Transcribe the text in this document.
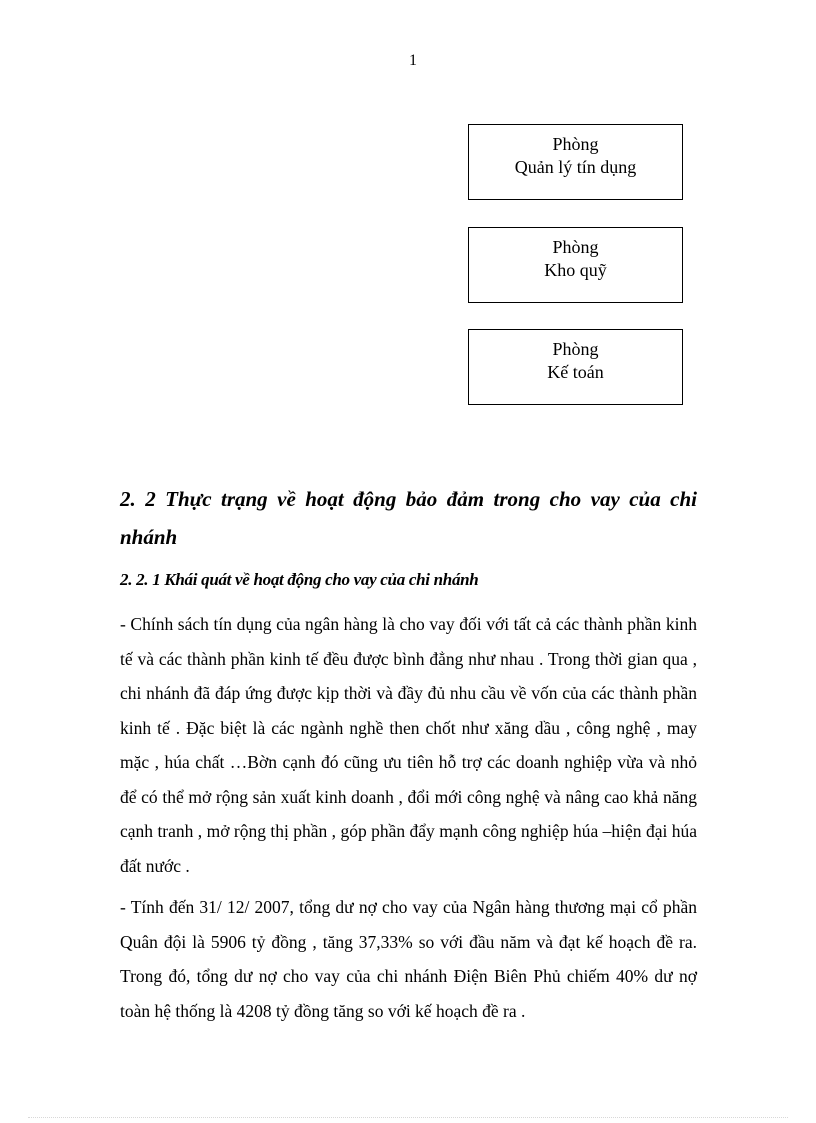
1
Phòng
Quản lý tín dụng
Phòng
Kho quỹ
Phòng
Kế toán
2. 2 Thực trạng về hoạt động bảo đảm trong cho vay của chi nhánh
2. 2. 1 Khái quát về hoạt động cho vay của chi nhánh

- Chính sách tín dụng của ngân hàng là cho vay đối với tất cả các thành phần kinh tế và các thành phần kinh tế đều được bình đẳng như nhau . Trong thời gian qua , chi nhánh đã đáp ứng được kịp thời và đầy đủ nhu cầu về vốn của các thành phần kinh tế . Đặc biệt là các ngành nghề then chốt như xăng dầu , công nghệ , may mặc , húa chất …Bờn cạnh đó cũng ưu tiên hỗ trợ các doanh nghiệp vừa và nhỏ để có thể mở rộng sản xuất kinh doanh , đổi mới công nghệ và nâng cao khả năng cạnh tranh , mở rộng thị phần , góp phần đẩy mạnh công nghiệp húa –hiện đại húa đất nước .

- Tính đến 31/ 12/ 2007, tổng dư nợ cho vay của Ngân hàng thương mại cổ phần Quân đội là 5906 tỷ đồng , tăng 37,33% so với đầu năm và đạt kế hoạch đề ra. Trong đó, tổng dư nợ cho vay của chi nhánh Điện Biên Phủ chiếm 40% dư nợ toàn hệ thống là 4208 tỷ đồng tăng so với kế hoạch đề ra .
